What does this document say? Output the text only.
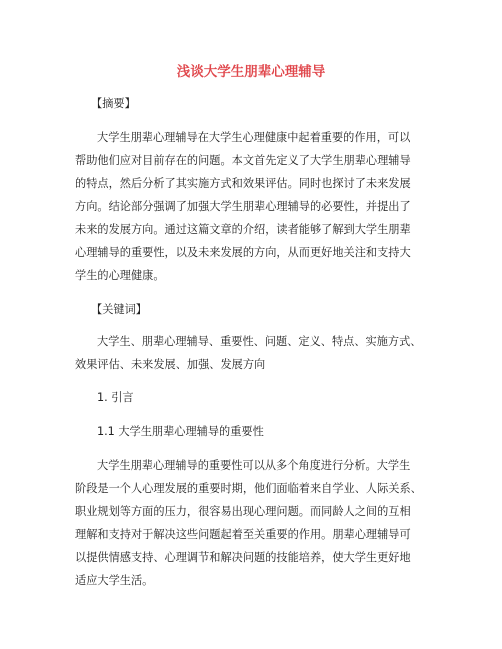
浅谈大学生朋辈心理辅导

【摘要】

大学生朋辈心理辅导在大学生心理健康中起着重要的作用，可以

帮助他们应对目前存在的问题。本文首先定义了大学生朋辈心理辅导

的特点，然后分析了其实施方式和效果评估。同时也探讨了未来发展

方向。结论部分强调了加强大学生朋辈心理辅导的必要性，并提出了

未来的发展方向。通过这篇文章的介绍，读者能够了解到大学生朋辈

心理辅导的重要性，以及未来发展的方向，从而更好地关注和支持大

学生的心理健康。

【关键词】

大学生、朋辈心理辅导、重要性、问题、定义、特点、实施方式、

效果评估、未来发展、加强、发展方向

1. 引言

1.1 大学生朋辈心理辅导的重要性

大学生朋辈心理辅导的重要性可以从多个角度进行分析。大学生

阶段是一个人心理发展的重要时期，他们面临着来自学业、人际关系、

职业规划等方面的压力，很容易出现心理问题。而同龄人之间的互相

理解和支持对于解决这些问题起着至关重要的作用。朋辈心理辅导可

以提供情感支持、心理调节和解决问题的技能培养，使大学生更好地

适应大学生活。
